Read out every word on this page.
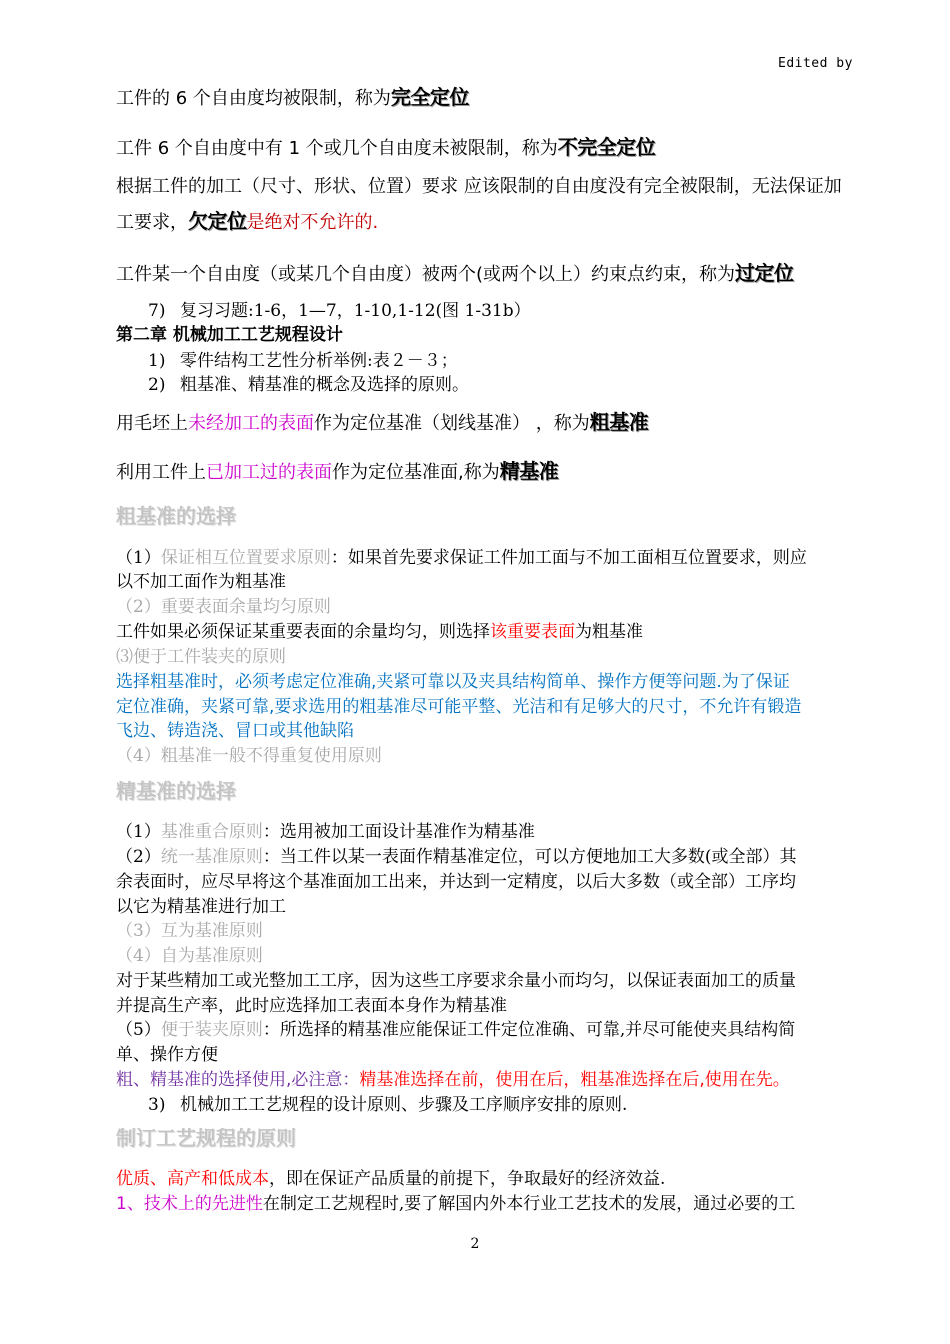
Edited by
工件的 6 个自由度均被限制，称为完全定位
工件 6 个自由度中有 1 个或几个自由度未被限制，称为不完全定位
根据工件的加工（尺寸、形状、位置）要求 应该限制的自由度没有完全被限制，无法保证加
工要求，欠定位是绝对不允许的.
工件某一个自由度（或某几个自由度）被两个(或两个以上）约束点约束，称为过定位
7) 复习习题:1-6，1—7，1-10,1-12(图 1-31b）
第二章 机械加工工艺规程设计
1) 零件结构工艺性分析举例:表２－３；
2) 粗基准、精基准的概念及选择的原则。
用毛坯上未经加工的表面作为定位基准（划线基准） ，称为粗基准
利用工件上已加工过的表面作为定位基准面,称为精基准
粗基准的选择
（1）保证相互位置要求原则：如果首先要求保证工件加工面与不加工面相互位置要求，则应
以不加工面作为粗基准
（2）重要表面余量均匀原则
工件如果必须保证某重要表面的余量均匀，则选择该重要表面为粗基准
⑶便于工件装夹的原则
选择粗基准时，必须考虑定位准确,夹紧可靠以及夹具结构简单、操作方便等问题.为了保证
定位准确，夹紧可靠,要求选用的粗基准尽可能平整、光洁和有足够大的尺寸，不允许有锻造
飞边、铸造浇、冒口或其他缺陷
（4）粗基准一般不得重复使用原则
精基准的选择
（1）基准重合原则：选用被加工面设计基准作为精基准
（2）统一基准原则：当工件以某一表面作精基准定位，可以方便地加工大多数(或全部）其
余表面时，应尽早将这个基准面加工出来，并达到一定精度，以后大多数（或全部）工序均
以它为精基准进行加工
（3）互为基准原则
（4）自为基准原则
对于某些精加工或光整加工工序，因为这些工序要求余量小而均匀，以保证表面加工的质量
并提高生产率，此时应选择加工表面本身作为精基准
（5）便于装夹原则：所选择的精基准应能保证工件定位准确、可靠,并尽可能使夹具结构简
单、操作方便
粗、精基准的选择使用,必注意：精基准选择在前，使用在后，粗基准选择在后,使用在先。
3) 机械加工工艺规程的设计原则、步骤及工序顺序安排的原则.
制订工艺规程的原则
优质、高产和低成本，即在保证产品质量的前提下，争取最好的经济效益.
1、技术上的先进性在制定工艺规程时,要了解国内外本行业工艺技术的发展，通过必要的工
2
